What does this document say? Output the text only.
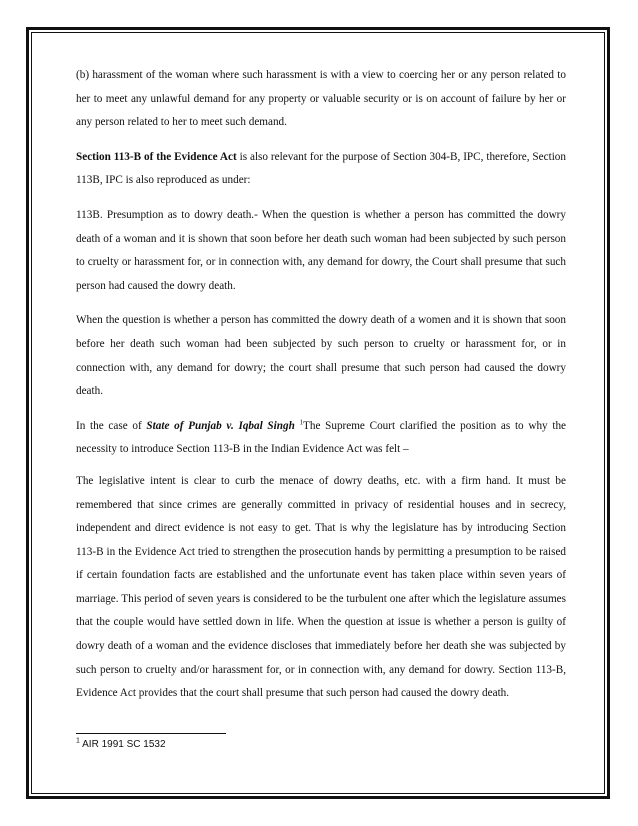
(b) harassment of the woman where such harassment is with a view to coercing her or any person related to her to meet any unlawful demand for any property or valuable security or is on account of failure by her or any person related to her to meet such demand.

Section 113-B of the Evidence Act is also relevant for the purpose of Section 304-B, IPC, therefore, Section 113B, IPC is also reproduced as under:

113B. Presumption as to dowry death.- When the question is whether a person has committed the dowry death of a woman and it is shown that soon before her death such woman had been subjected by such person to cruelty or harassment for, or in connection with, any demand for dowry, the Court shall presume that such person had caused the dowry death.

When the question is whether a person has committed the dowry death of a women and it is shown that soon before her death such woman had been subjected by such person to cruelty or harassment for, or in connection with, any demand for dowry; the court shall presume that such person had caused the dowry death.

In the case of State of Punjab v. Iqbal Singh $^1$The Supreme Court clarified the position as to why the necessity to introduce Section 113-B in the Indian Evidence Act was felt –

The legislative intent is clear to curb the menace of dowry deaths, etc. with a firm hand. It must be remembered that since crimes are generally committed in privacy of residential houses and in secrecy, independent and direct evidence is not easy to get. That is why the legislature has by introducing Section 113-B in the Evidence Act tried to strengthen the prosecution hands by permitting a presumption to be raised if certain foundation facts are established and the unfortunate event has taken place within seven years of marriage. This period of seven years is considered to be the turbulent one after which the legislature assumes that the couple would have settled down in life. When the question at issue is whether a person is guilty of dowry death of a woman and the evidence discloses that immediately before her death she was subjected by such person to cruelty and/or harassment for, or in connection with, any demand for dowry. Section 113-B, Evidence Act provides that the court shall presume that such person had caused the dowry death.

$^1$ AIR 1991 SC 1532
